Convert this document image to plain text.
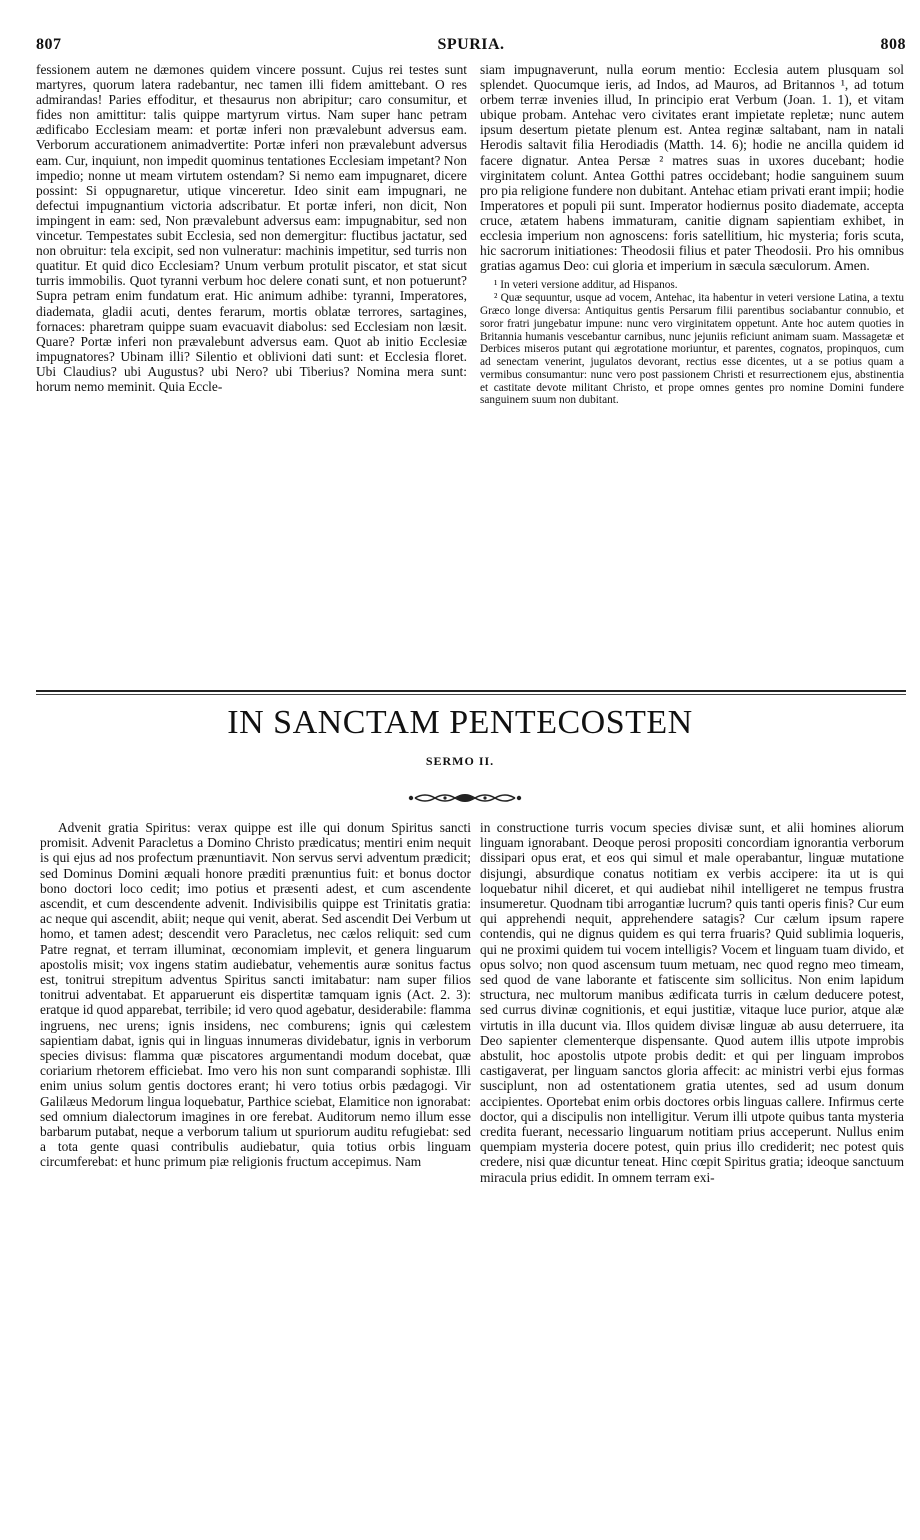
807	SPURIA.	808

fessionem autem ne dæmones quidem vincere possunt. Cujus rei testes sunt martyres, quorum latera radebantur, nec tamen illi fidem amittebant. O res admirandas! Paries effoditur, et thesaurus non abripitur; caro consumitur, et fides non amittitur: talis quippe martyrum virtus. Nam super hanc petram ædificabo Ecclesiam meam: et portæ inferi non prævalebunt adversus eam. Verborum accurationem animadvertite: Portæ inferi non prævalebunt adversus eam. Cur, inquiunt, non impedit quominus tentationes Ecclesiam impetant? Non impedio; nonne ut meam virtutem ostendam? Si nemo eam impugnaret, dicere possint: Si oppugnaretur, utique vinceretur. Ideo sinit eam impugnari, ne defectui impugnantium victoria adscribatur. Et portæ inferi, non dicit, Non impingent in eam: sed, Non prævalebunt adversus eam: impugnabitur, sed non vincetur. Tempestates subit Ecclesia, sed non demergitur: fluctibus jactatur, sed non obruitur: tela excipit, sed non vulneratur: machinis impetitur, sed turris non quatitur. Et quid dico Ecclesiam? Unum verbum protulit piscator, et stat sicut turris immobilis. Quot tyranni verbum hoc delere conati sunt, et non potuerunt? Supra petram enim fundatum erat. Hic animum adhibe: tyranni, Imperatores, diademata, gladii acuti, dentes ferarum, mortis oblatæ terrores, sartagines, fornaces: pharetram quippe suam evacuavit diabolus: sed Ecclesiam non læsit. Quare? Portæ inferi non prævalebunt adversus eam. Quot ab initio Ecclesiæ impugnatores? Ubinam illi? Silentio et oblivioni dati sunt: et Ecclesia floret. Ubi Claudius? ubi Augustus? ubi Nero? ubi Tiberius? Nomina mera sunt: horum nemo meminit. Quia Eccle-

siam impugnaverunt, nulla eorum mentio: Ecclesia autem plusquam sol splendet. Quocumque ieris, ad Indos, ad Mauros, ad Britannos ¹, ad totum orbem terræ invenies illud, In principio erat Verbum (Joan. 1. 1), et vitam ubique probam. Antehac vero civitates erant impietate repletæ; nunc autem ipsum desertum pietate plenum est. Antea reginæ saltabant, nam in natali Herodis saltavit filia Herodiadis (Matth. 14. 6); hodie ne ancilla quidem id facere dignatur. Antea Persæ ² matres suas in uxores ducebant; hodie virginitatem colunt. Antea Gotthi patres occidebant; hodie sanguinem suum pro pia religione fundere non dubitant. Antehac etiam privati erant impii; hodie Imperatores et populi pii sunt. Imperator hodiernus posito diademate, accepta cruce, ætatem habens immaturam, canitie dignam sapientiam exhibet, in ecclesia imperium non agnoscens: foris satellitium, hic mysteria; foris scuta, hic sacrorum initiationes: Theodosii filius et pater Theodosii. Pro his omnibus gratias agamus Deo: cui gloria et imperium in sæcula sæculorum. Amen.

¹ In veteri versione additur, ad Hispanos.

² Quæ sequuntur, usque ad vocem, Antehac, ita habentur in veteri versione Latina, a textu Græco longe diversa: Antiquitus gentis Persarum filii parentibus sociabantur connubio, et soror fratri jungebatur impune: nunc vero virginitatem oppetunt. Ante hoc autem quoties in Britannia humanis vescebantur carnibus, nunc jejuniis reficiunt animam suam. Massagetæ et Derbices miseros putant qui ægrotatione moriuntur, et parentes, cognatos, propinquos, cum ad senectam venerint, jugulatos devorant, rectius esse dicentes, ut a se potius quam a vermibus consumantur: nunc vero post passionem Christi et resurrectionem ejus, abstinentia et castitate devote militant Christo, et prope omnes gentes pro nomine Domini fundere sanguinem suum non dubitant.

IN SANCTAM PENTECOSTEN
SERMO II.

Advenit gratia Spiritus: verax quippe est ille qui donum Spiritus sancti promisit. Advenit Paracletus a Domino Christo prædicatus; mentiri enim nequit is qui ejus ad nos profectum prænuntiavit. Non servus servi adventum prædicit; sed Dominus Domini æquali honore præditi prænuntius fuit: et bonus doctor bono doctori loco cedit; imo potius et præsenti adest, et cum ascendente ascendit, et cum descendente advenit. Indivisibilis quippe est Trinitatis gratia: ac neque qui ascendit, abiit; neque qui venit, aberat. Sed ascendit Dei Verbum ut homo, et tamen adest; descendit vero Paracletus, nec cælos reliquit: sed cum Patre regnat, et terram illuminat, œconomiam implevit, et genera linguarum apostolis misit; vox ingens statim audiebatur, vehementis auræ sonitus factus est, tonitrui strepitum adventus Spiritus sancti imitabatur: nam super filios tonitrui adventabat. Et apparuerunt eis dispertitæ tamquam ignis (Act. 2. 3): eratque id quod apparebat, terribile; id vero quod agebatur, desiderabile: flamma ingruens, nec urens; ignis insidens, nec comburens; ignis qui cælestem sapientiam dabat, ignis qui in linguas innumeras dividebatur, ignis in verborum species divisus: flamma quæ piscatores argumentandi modum docebat, quæ coriarium rhetorem efficiebat. Imo vero his non sunt comparandi sophistæ. Illi enim unius solum gentis doctores erant; hi vero totius orbis pædagogi. Vir Galilæus Medorum lingua loquebatur, Parthice sciebat, Elamitice non ignorabat: sed omnium dialectorum imagines in ore ferebat. Auditorum nemo illum esse barbarum putabat, neque a verborum talium ut spuriorum auditu refugiebat: sed a tota gente quasi contribulis audiebatur, quia totius orbis linguam circumferebat: et hunc primum piæ religionis fructum accepimus. Nam

in constructione turris vocum species divisæ sunt, et alii homines aliorum linguam ignorabant. Deoque perosi propositi concordiam ignorantia verborum dissipari opus erat, et eos qui simul et male operabantur, linguæ mutatione disjungi, absurdique conatus notitiam ex verbis accipere: ita ut is qui loquebatur nihil diceret, et qui audiebat nihil intelligeret ne tempus frustra insumeretur. Quodnam tibi arrogantiæ lucrum? quis tanti operis finis? Cur eum qui apprehendi nequit, apprehendere satagis? Cur cælum ipsum rapere contendis, qui ne dignus quidem es qui terra fruaris? Quid sublimia loqueris, qui ne proximi quidem tui vocem intelligis? Vocem et linguam tuam divido, et opus solvo; non quod ascensum tuum metuam, nec quod regno meo timeam, sed quod de vane laborante et fatiscente sim sollicitus. Non enim lapidum structura, nec multorum manibus ædificata turris in cælum deducere potest, sed currus divinæ cognitionis, et equi justitiæ, vitaque luce purior, atque alæ virtutis in illa ducunt via. Illos quidem divisæ linguæ ab ausu deterruere, ita Deo sapienter clementerque dispensante. Quod autem illis utpote improbis abstulit, hoc apostolis utpote probis dedit: et qui per linguam improbos castigaverat, per linguam sanctos gloria affecit: ac ministri verbi ejus formas susciplunt, non ad ostentationem gratia utentes, sed ad usum donum accipientes. Oportebat enim orbis doctores orbis linguas callere. Infirmus certe doctor, qui a discipulis non intelligitur. Verum illi utpote quibus tanta mysteria credita fuerant, necessario linguarum notitiam prius acceperunt. Nullus enim quempiam mysteria docere potest, quin prius illo crediderit; nec potest quis credere, nisi quæ dicuntur teneat. Hinc cœpit Spiritus gratia; ideoque sanctuum miracula prius edidit. In omnem terram exi-
